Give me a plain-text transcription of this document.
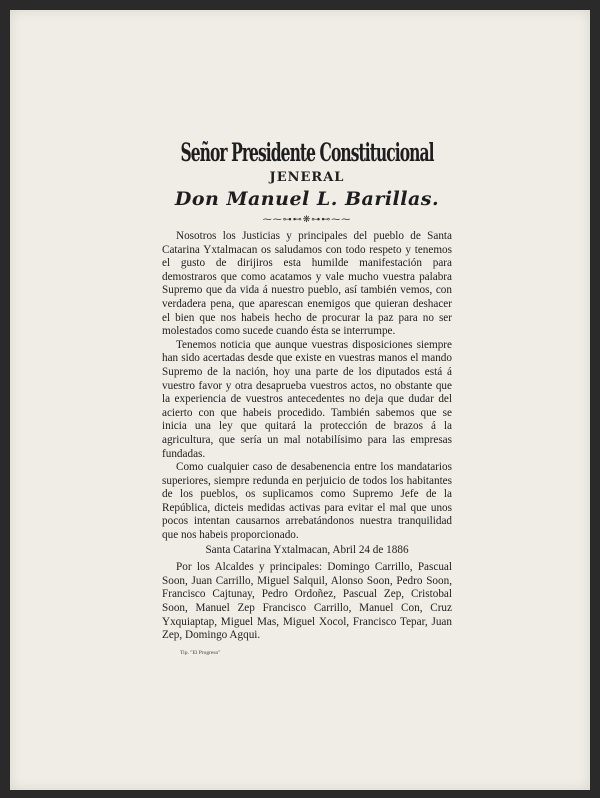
Señor Presidente Constitucional
JENERAL
Don Manuel L. Barillas.
⁓⁓⊶⊷❋⊶⊷⁓⁓

Nosotros los Justicias y principales del pueblo de Santa Catarina Yxtalmacan os saludamos con todo respeto y tenemos el gusto de dirijiros esta humilde manifestación para demostraros que como acatamos y vale mucho vuestra palabra Supremo que da vida á nuestro pueblo, así también vemos, con verdadera pena, que aparescan enemigos que quieran deshacer el bien que nos habeis hecho de procurar la paz para no ser molestados como sucede cuando ésta se interrumpe.

Tenemos noticia que aunque vuestras disposiciones siempre han sido acertadas desde que existe en vuestras manos el mando Supremo de la nación, hoy una parte de los diputados está á vuestro favor y otra desaprueba vuestros actos, no obstante que la experiencia de vuestros antecedentes no deja que dudar del acierto con que habeis procedido. También sabemos que se inicia una ley que quitará la protección de brazos á la agricultura, que sería un mal notabilísimo para las empresas fundadas.

Como cualquier caso de desabenencia entre los mandatarios superiores, siempre redunda en perjuicio de todos los habitantes de los pueblos, os suplicamos como Supremo Jefe de la República, dicteis medidas activas para evitar el mal que unos pocos intentan causarnos arrebatándonos nuestra tranquilidad que nos habeis proporcionado.

Santa Catarina Yxtalmacan, Abril 24 de 1886

Por los Alcaldes y principales: Domingo Carrillo, Pascual Soon, Juan Carrillo, Miguel Salquil, Alonso Soon, Pedro Soon, Francisco Cajtunay, Pedro Ordoñez, Pascual Zep, Cristobal Soon, Manuel Zep Francisco Carrillo, Manuel Con, Cruz Yxquiaptap, Miguel Mas, Miguel Xocol, Francisco Tepar, Juan Zep, Domingo Agqui.

Tip. "El Progreso"
